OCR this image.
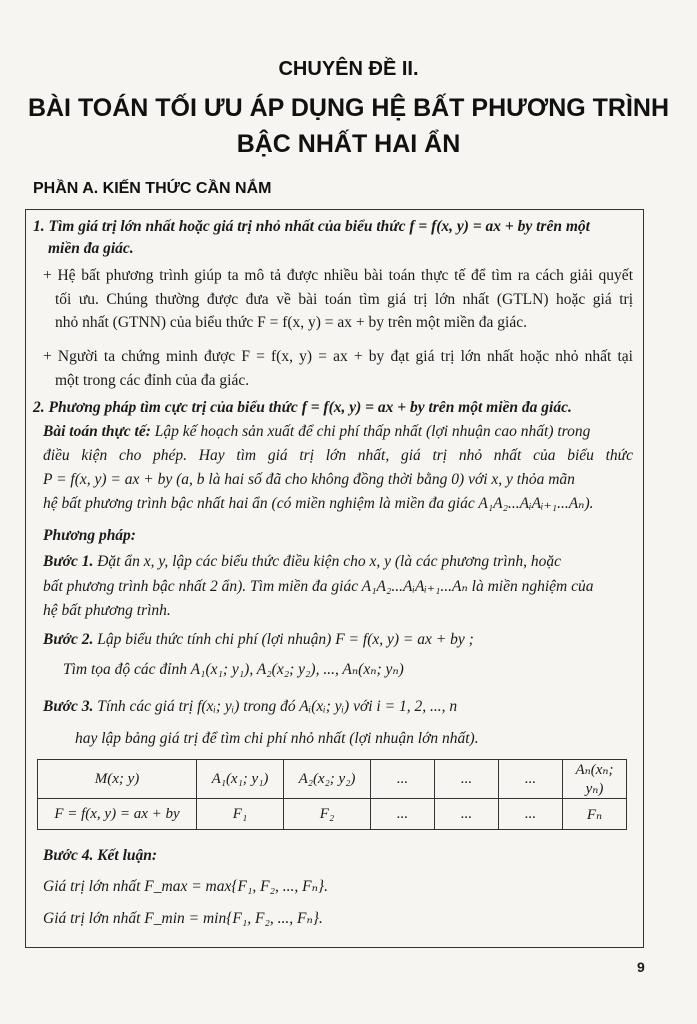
CHUYÊN ĐỀ II.
BÀI TOÁN TỐI ƯU ÁP DỤNG HỆ BẤT PHƯƠNG TRÌNH
BẬC NHẤT HAI ẨN
PHẦN A. KIẾN THỨC CẦN NẮM
1. Tìm giá trị lớn nhất hoặc giá trị nhỏ nhất của biểu thức f = f(x, y) = ax + by trên một
miền đa giác.
+ Hệ bất phương trình giúp ta mô tả được nhiều bài toán thực tế để tìm ra cách giải quyết
tối ưu. Chúng thường được đưa về bài toán tìm giá trị lớn nhất (GTLN) hoặc giá trị
nhỏ nhất (GTNN) của biểu thức F = f(x, y) = ax + by trên một miền đa giác.
+ Người ta chứng minh được F = f(x, y) = ax + by đạt giá trị lớn nhất hoặc nhỏ nhất tại
một trong các đỉnh của đa giác.
2. Phương pháp tìm cực trị của biểu thức f = f(x, y) = ax + by trên một miền đa giác.
Bài toán thực tế: Lập kế hoạch sản xuất để chi phí thấp nhất (lợi nhuận cao nhất) trong
điều kiện cho phép. Hay tìm giá trị lớn nhất, giá trị nhỏ nhất của biểu thức
P = f(x, y) = ax + by (a, b là hai số đã cho không đồng thời bằng 0) với x, y thỏa mãn
hệ bất phương trình bậc nhất hai ẩn (có miền nghiệm là miền đa giác A₁A₂...AᵢAᵢ₊₁...Aₙ).
Phương pháp:
Bước 1. Đặt ẩn x, y, lập các biểu thức điều kiện cho x, y (là các phương trình, hoặc
bất phương trình bậc nhất 2 ẩn). Tìm miền đa giác A₁A₂...AᵢAᵢ₊₁...Aₙ là miền nghiệm của
hệ bất phương trình.
Bước 2. Lập biểu thức tính chi phí (lợi nhuận) F = f(x, y) = ax + by ;
Tìm tọa độ các đỉnh A₁(x₁; y₁), A₂(x₂; y₂), ..., Aₙ(xₙ; yₙ)
Bước 3. Tính các giá trị f(xᵢ; yᵢ) trong đó Aᵢ(xᵢ; yᵢ) với i = 1, 2, ..., n
hay lập bảng giá trị để tìm chi phí nhỏ nhất (lợi nhuận lớn nhất).
M(x; y)	A₁(x₁; y₁)	A₂(x₂; y₂)	...	...	...	Aₙ(xₙ; yₙ)
F = f(x, y) = ax + by	F₁	F₂	...	...	...	Fₙ
Bước 4. Kết luận:
Giá trị lớn nhất F_max = max{F₁, F₂, ..., Fₙ}.
Giá trị lớn nhất F_min = min{F₁, F₂, ..., Fₙ}.
9
